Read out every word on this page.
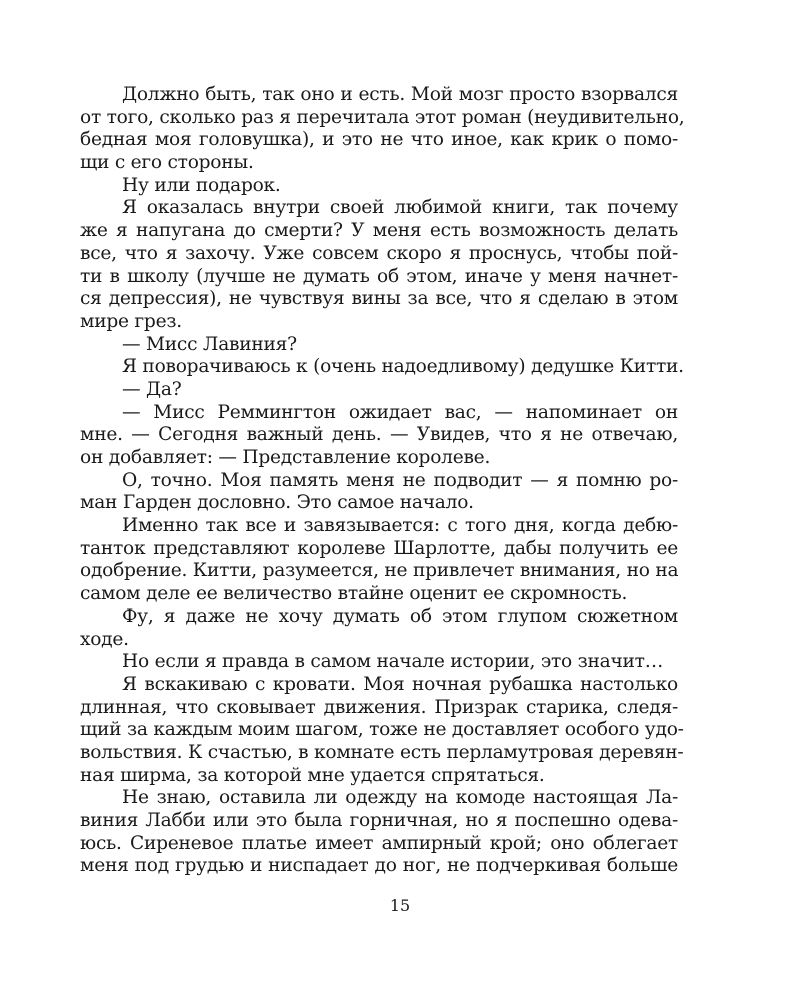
Должно быть, так оно и есть. Мой мозг просто взорвался
от того, сколько раз я перечитала этот роман (неудивительно,
бедная моя головушка), и это не что иное, как крик о помо-
щи с его стороны.
Ну или подарок.
Я оказалась внутри своей любимой книги, так почему
же я напугана до смерти? У меня есть возможность делать
все, что я захочу. Уже совсем скоро я проснусь, чтобы пой-
ти в школу (лучше не думать об этом, иначе у меня начнет-
ся депрессия), не чувствуя вины за все, что я сделаю в этом
мире грез.
— Мисс Лавиния?
Я поворачиваюсь к (очень надоедливому) дедушке Китти.
— Да?
— Мисс Реммингтон ожидает вас, — напоминает он
мне. — Сегодня важный день. — Увидев, что я не отвечаю,
он добавляет: — Представление королеве.
О, точно. Моя память меня не подводит — я помню ро-
ман Гарден дословно. Это самое начало.
Именно так все и завязывается: с того дня, когда дебю-
танток представляют королеве Шарлотте, дабы получить ее
одобрение. Китти, разумеется, не привлечет внимания, но на
самом деле ее величество втайне оценит ее скромность.
Фу, я даже не хочу думать об этом глупом сюжетном
ходе.
Но если я правда в самом начале истории, это значит…
Я вскакиваю с кровати. Моя ночная рубашка настолько
длинная, что сковывает движения. Призрак старика, следя-
щий за каждым моим шагом, тоже не доставляет особого удо-
вольствия. К счастью, в комнате есть перламутровая деревян-
ная ширма, за которой мне удается спрятаться.
Не знаю, оставила ли одежду на комоде настоящая Ла-
виния Лабби или это была горничная, но я поспешно одева-
юсь. Сиреневое платье имеет ампирный крой; оно облегает
меня под грудью и ниспадает до ног, не подчеркивая больше
15
